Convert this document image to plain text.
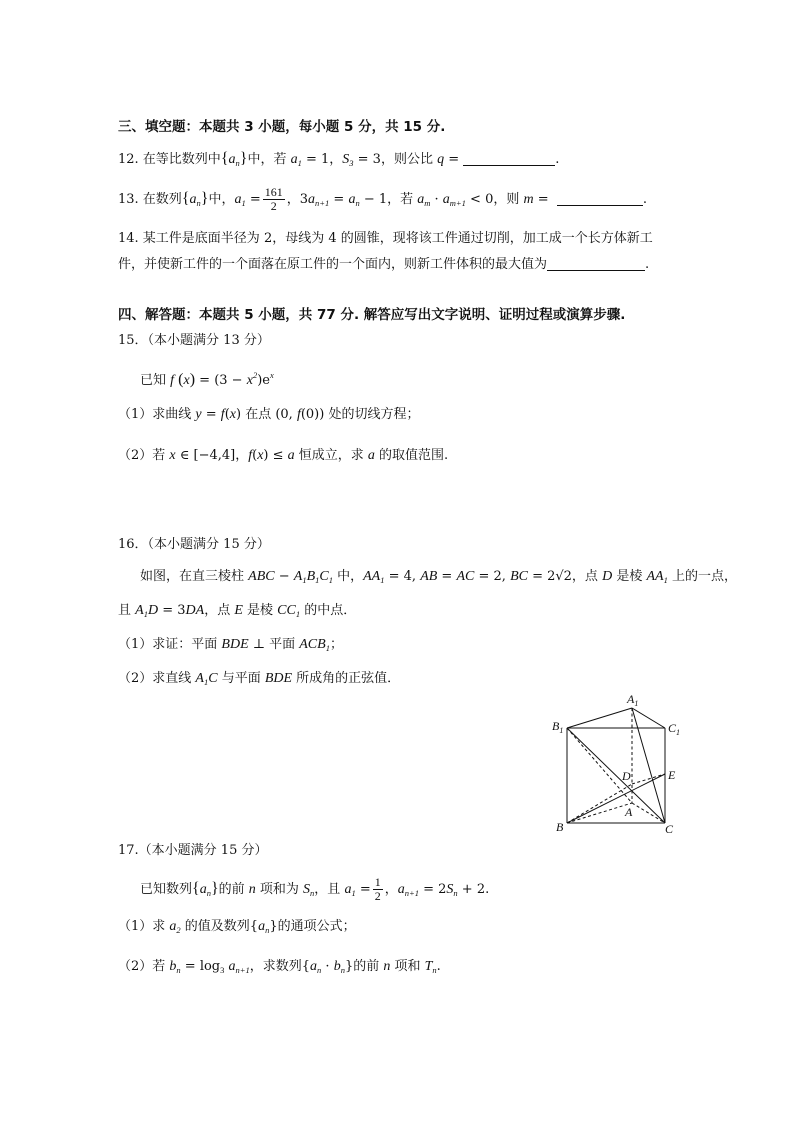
三、填空题：本题共 3 小题，每小题 5 分，共 15 分.
12. 在等比数列中$\{a_n\}$中，若 $a_1 = 1$，$S_3 = 3$，则公比 q =	.
13. 在数列$\{a_n\}$中，$a_1 = \frac{161}{2}$ ，$3a_{n+1} = a_n - 1$，若 $a_m \cdot a_{m+1} < 0$，则 m =	.
14. 某工件是底面半径为 2，母线为 4 的圆锥，现将该工件通过切削，加工成一个长方体新工
件，并使新工件的一个面落在原工件的一个面内，则新工件体积的最大值为	.
四、解答题：本题共 5 小题，共 77 分. 解答应写出文字说明、证明过程或演算步骤.
15．（本小题满分 13 分）
已知 f $(x) = (3 - x^2)e^x$
（1）求曲线 y = f(x) 在点 (0, f(0)) 处的切线方程；
（2）若 x ∈ [−4,4]，f(x) ≤ a 恒成立，求 a 的取值范围.
16．（本小题满分 15 分）
如图，在直三棱柱 ABC − $A_1B_1C_1$ 中，$AA_1 = 4$, AB = AC = 2, BC = 2√2，点 D 是棱 $AA_1$ 上的一点，
且 $A_1D = 3DA$，点 E 是棱 $CC_1$ 的中点．
（1）求证：平面 BDE ⊥ 平面 $ACB_1$；
（2）求直线 $A_1C$ 与平面 BDE 所成角的正弦值．
$A_1$
$B_1$	$C_1$
D	E
A
B	C
17.（本小题满分 15 分）
已知数列$\{a_n\}$的前 n 项和为 $S_n$，且 $a_1 = \frac{1}{2}$ ，$a_{n+1} = 2S_n + 2$.
（1）求 $a_2$ 的值及数列$\{a_n\}$的通项公式；
（2）若 $b_n = \log_3 a_{n+1}$，求数列$\{a_n \cdot b_n\}$的前 n 项和 $T_n$.
